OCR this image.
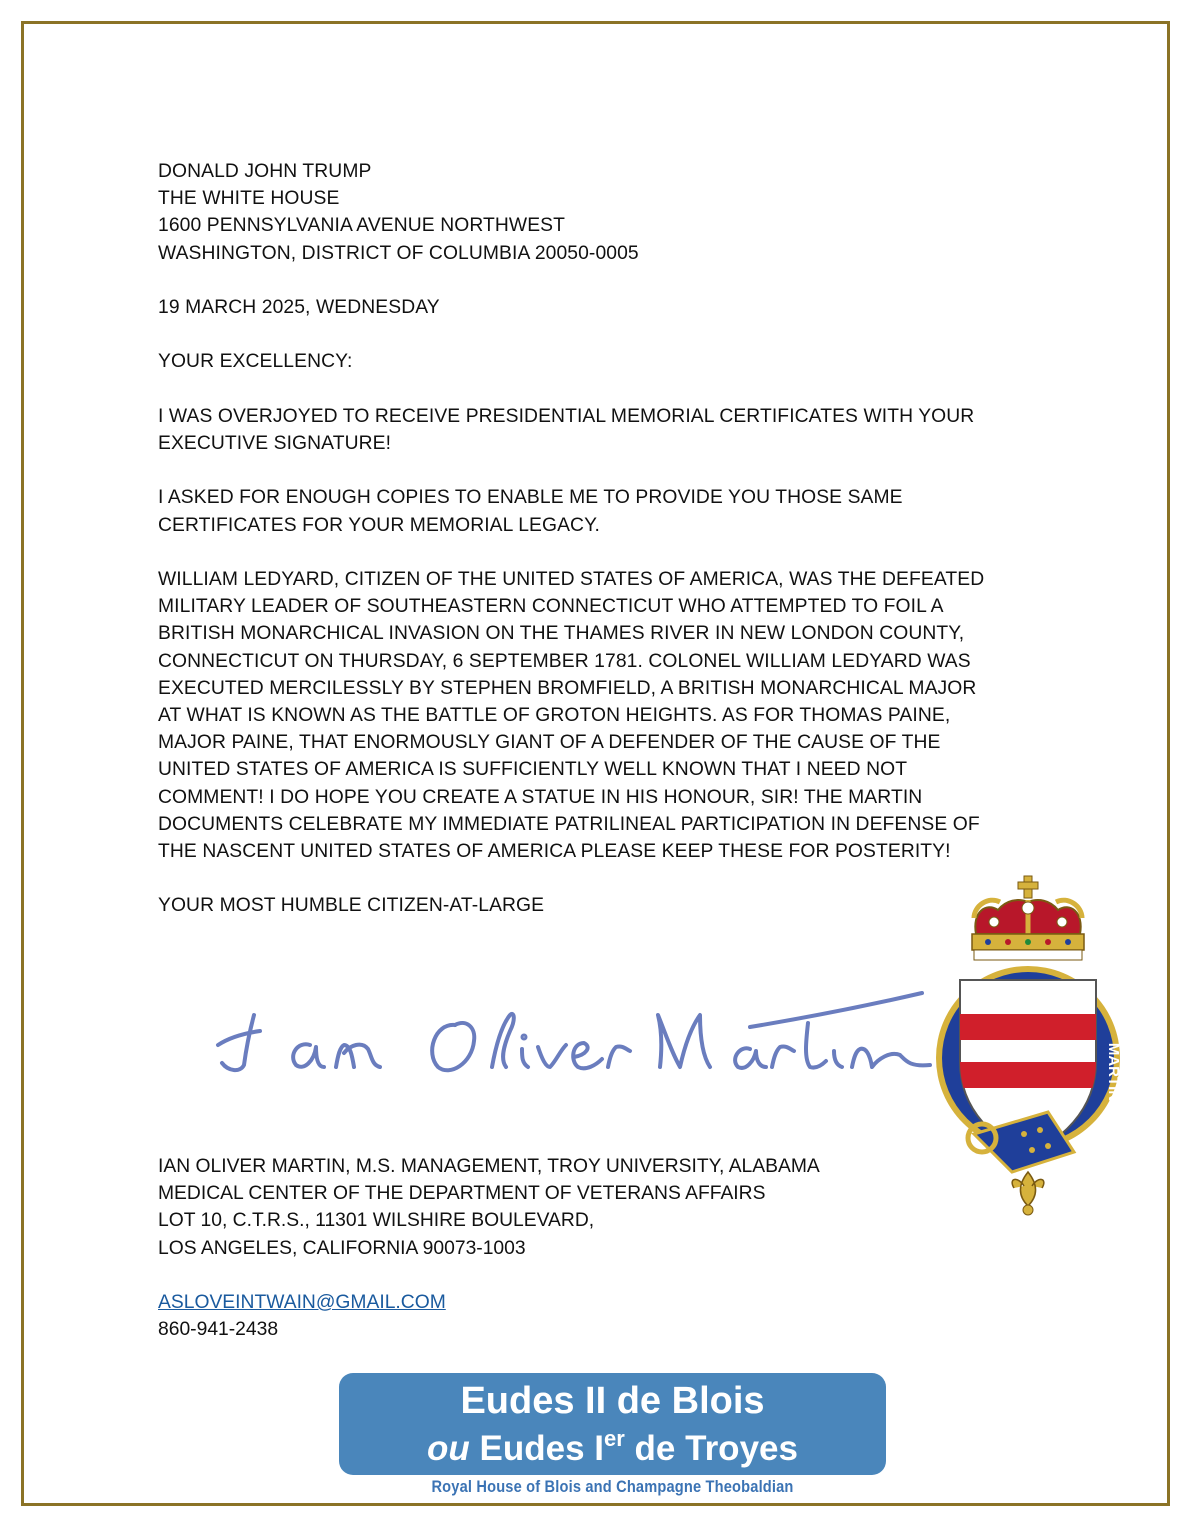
DONALD JOHN TRUMP
THE WHITE HOUSE
1600 PENNSYLVANIA AVENUE NORTHWEST
WASHINGTON, DISTRICT OF COLUMBIA 20050-0005

19 MARCH 2025, WEDNESDAY

YOUR EXCELLENCY:

I WAS OVERJOYED TO RECEIVE PRESIDENTIAL MEMORIAL CERTIFICATES WITH YOUR
EXECUTIVE SIGNATURE!

I ASKED FOR ENOUGH COPIES TO ENABLE ME TO PROVIDE YOU THOSE SAME
CERTIFICATES FOR YOUR MEMORIAL LEGACY.

WILLIAM LEDYARD, CITIZEN OF THE UNITED STATES OF AMERICA, WAS THE DEFEATED
MILITARY LEADER OF SOUTHEASTERN CONNECTICUT WHO ATTEMPTED TO FOIL A
BRITISH MONARCHICAL INVASION ON THE THAMES RIVER IN NEW LONDON COUNTY,
CONNECTICUT ON THURSDAY, 6 SEPTEMBER 1781. COLONEL WILLIAM LEDYARD WAS
EXECUTED MERCILESSLY BY STEPHEN BROMFIELD, A BRITISH MONARCHICAL MAJOR
AT WHAT IS KNOWN AS THE BATTLE OF GROTON HEIGHTS. AS FOR THOMAS PAINE,
MAJOR PAINE, THAT ENORMOUSLY GIANT OF A DEFENDER OF THE CAUSE OF THE
UNITED STATES OF AMERICA IS SUFFICIENTLY WELL KNOWN THAT I NEED NOT
COMMENT! I DO HOPE YOU CREATE A STATUE IN HIS HONOUR, SIR! THE MARTIN
DOCUMENTS CELEBRATE MY IMMEDIATE PATRILINEAL PARTICIPATION IN DEFENSE OF
THE NASCENT UNITED STATES OF AMERICA PLEASE KEEP THESE FOR POSTERITY!

YOUR MOST HUMBLE CITIZEN-AT-LARGE

MARTIN
IAN OLIVER MARTIN, M.S. MANAGEMENT, TROY UNIVERSITY, ALABAMA
MEDICAL CENTER OF THE DEPARTMENT OF VETERANS AFFAIRS
LOT 10, C.T.R.S., 11301 WILSHIRE BOULEVARD,
LOS ANGELES, CALIFORNIA 90073-1003
ASLOVEINTWAIN@GMAIL.COM
860-941-2438
Eudes II de Blois
ou Eudes Ier de Troyes
Royal House of Blois and Champagne Theobaldian
